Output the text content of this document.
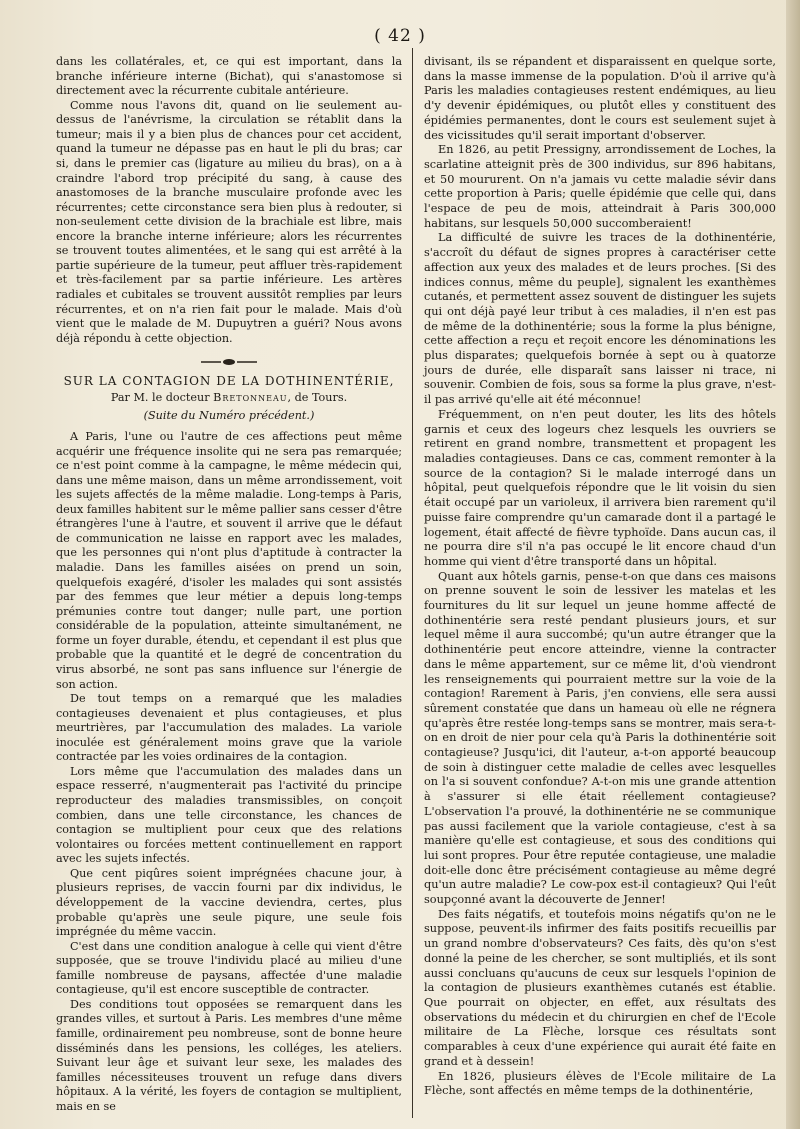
( 42 )

dans les collatérales, et, ce qui est important, dans la branche inférieure interne (Bichat), qui s'anastomose si directement avec la récurrente cubitale antérieure.

Comme nous l'avons dit, quand on lie seulement au-dessus de l'anévrisme, la circulation se rétablit dans la tumeur; mais il y a bien plus de chances pour cet accident, quand la tumeur ne dépasse pas en haut le pli du bras; car si, dans le premier cas (ligature au milieu du bras), on a à craindre l'abord trop précipité du sang, à cause des anastomoses de la branche musculaire profonde avec les récurrentes; cette circonstance sera bien plus à redouter, si non-seulement cette division de la brachiale est libre, mais encore la branche interne inférieure; alors les récurrentes se trouvent toutes alimentées, et le sang qui est arrêté à la partie supérieure de la tumeur, peut affluer très-rapidement et très-facilement par sa partie inférieure. Les artères radiales et cubitales se trouvent aussitôt remplies par leurs récurrentes, et on n'a rien fait pour le malade. Mais d'où vient que le malade de M. Dupuytren a guéri? Nous avons déjà répondu à cette objection.

SUR LA CONTAGION DE LA DOTHINENTÉRIE,
Par M. le docteur Bretonneau, de Tours.
(Suite du Numéro précédent.)

A Paris, l'une ou l'autre de ces affections peut même acquérir une fréquence insolite qui ne sera pas remarquée; ce n'est point comme à la campagne, le même médecin qui, dans une même maison, dans un même arrondissement, voit les sujets affectés de la même maladie. Long-temps à Paris, deux familles habitent sur le même pallier sans cesser d'être étrangères l'une à l'autre, et souvent il arrive que le défaut de communication ne laisse en rapport avec les malades, que les personnes qui n'ont plus d'aptitude à contracter la maladie. Dans les familles aisées on prend un soin, quelquefois exagéré, d'isoler les malades qui sont assistés par des femmes que leur métier a depuis long-temps prémunies contre tout danger; nulle part, une portion considérable de la population, atteinte simultanément, ne forme un foyer durable, étendu, et cependant il est plus que probable que la quantité et le degré de concentration du virus absorbé, ne sont pas sans influence sur l'énergie de son action.

De tout temps on a remarqué que les maladies contagieuses devenaient et plus contagieuses, et plus meurtrières, par l'accumulation des malades. La variole inoculée est généralement moins grave que la variole contractée par les voies ordinaires de la contagion.

Lors même que l'accumulation des malades dans un espace resserré, n'augmenterait pas l'activité du principe reproducteur des maladies transmissibles, on conçoit combien, dans une telle circonstance, les chances de contagion se multiplient pour ceux que des relations volontaires ou forcées mettent continuellement en rapport avec les sujets infectés.

Que cent piqûres soient imprégnées chacune jour, à plusieurs reprises, de vaccin fourni par dix individus, le développement de la vaccine deviendra, certes, plus probable qu'après une seule piqure, une seule fois imprégnée du même vaccin.

C'est dans une condition analogue à celle qui vient d'être supposée, que se trouve l'individu placé au milieu d'une famille nombreuse de paysans, affectée d'une maladie contagieuse, qu'il est encore susceptible de contracter.

Des conditions tout opposées se remarquent dans les grandes villes, et surtout à Paris. Les membres d'une même famille, ordinairement peu nombreuse, sont de bonne heure disséminés dans les pensions, les colléges, les ateliers. Suivant leur âge et suivant leur sexe, les malades des familles nécessiteuses trouvent un refuge dans divers hôpitaux. A la vérité, les foyers de contagion se multiplient, mais en se

divisant, ils se répandent et disparaissent en quelque sorte, dans la masse immense de la population. D'où il arrive qu'à Paris les maladies contagieuses restent endémiques, au lieu d'y devenir épidémiques, ou plutôt elles y constituent des épidémies permanentes, dont le cours est seulement sujet à des vicissitudes qu'il serait important d'observer.

En 1826, au petit Pressigny, arrondissement de Loches, la scarlatine atteignit près de 300 individus, sur 896 habitans, et 50 moururent. On n'a jamais vu cette maladie sévir dans cette proportion à Paris; quelle épidémie que celle qui, dans l'espace de peu de mois, atteindrait à Paris 300,000 habitans, sur lesquels 50,000 succomberaient!

La difficulté de suivre les traces de la dothinentérie, s'accroît du défaut de signes propres à caractériser cette affection aux yeux des malades et de leurs proches. [Si des indices connus, même du peuple], signalent les exanthèmes cutanés, et permettent assez souvent de distinguer les sujets qui ont déjà payé leur tribut à ces maladies, il n'en est pas de même de la dothinentérie; sous la forme la plus bénigne, cette affection a reçu et reçoit encore les dénominations les plus disparates; quelquefois bornée à sept ou à quatorze jours de durée, elle disparaît sans laisser ni trace, ni souvenir. Combien de fois, sous sa forme la plus grave, n'est-il pas arrivé qu'elle ait été méconnue!

Fréquemment, on n'en peut douter, les lits des hôtels garnis et ceux des logeurs chez lesquels les ouvriers se retirent en grand nombre, transmettent et propagent les maladies contagieuses. Dans ce cas, comment remonter à la source de la contagion? Si le malade interrogé dans un hôpital, peut quelquefois répondre que le lit voisin du sien était occupé par un varioleux, il arrivera bien rarement qu'il puisse faire comprendre qu'un camarade dont il a partagé le logement, était affecté de fièvre typhoïde. Dans aucun cas, il ne pourra dire s'il n'a pas occupé le lit encore chaud d'un homme qui vient d'être transporté dans un hôpital.

Quant aux hôtels garnis, pense-t-on que dans ces maisons on prenne souvent le soin de lessiver les matelas et les fournitures du lit sur lequel un jeune homme affecté de dothinentérie sera resté pendant plusieurs jours, et sur lequel même il aura succombé; qu'un autre étranger que la dothinentérie peut encore atteindre, vienne la contracter dans le même appartement, sur ce même lit, d'où viendront les renseignements qui pourraient mettre sur la voie de la contagion! Rarement à Paris, j'en conviens, elle sera aussi sûrement constatée que dans un hameau où elle ne régnera qu'après être restée long-temps sans se montrer, mais sera-t-on en droit de nier pour cela qu'à Paris la dothinentérie soit contagieuse? Jusqu'ici, dit l'auteur, a-t-on apporté beaucoup de soin à distinguer cette maladie de celles avec lesquelles on l'a si souvent confondue? A-t-on mis une grande attention à s'assurer si elle était réellement contagieuse? L'observation l'a prouvé, la dothinentérie ne se communique pas aussi facilement que la variole contagieuse, c'est à sa manière qu'elle est contagieuse, et sous des conditions qui lui sont propres. Pour être reputée contagieuse, une maladie doit-elle donc être précisément contagieuse au même degré qu'un autre maladie? Le cow-pox est-il contagieux? Qui l'eût soupçonné avant la découverte de Jenner!

Des faits négatifs, et toutefois moins négatifs qu'on ne le suppose, peuvent-ils infirmer des faits positifs recueillis par un grand nombre d'observateurs? Ces faits, dès qu'on s'est donné la peine de les chercher, se sont multipliés, et ils sont aussi concluans qu'aucuns de ceux sur lesquels l'opinion de la contagion de plusieurs exanthèmes cutanés est établie. Que pourrait on objecter, en effet, aux résultats des observations du médecin et du chirurgien en chef de l'Ecole militaire de La Flèche, lorsque ces résultats sont comparables à ceux d'une expérience qui aurait été faite en grand et à dessein!

En 1826, plusieurs élèves de l'Ecole militaire de La Flèche, sont affectés en même temps de la dothinentérie,
